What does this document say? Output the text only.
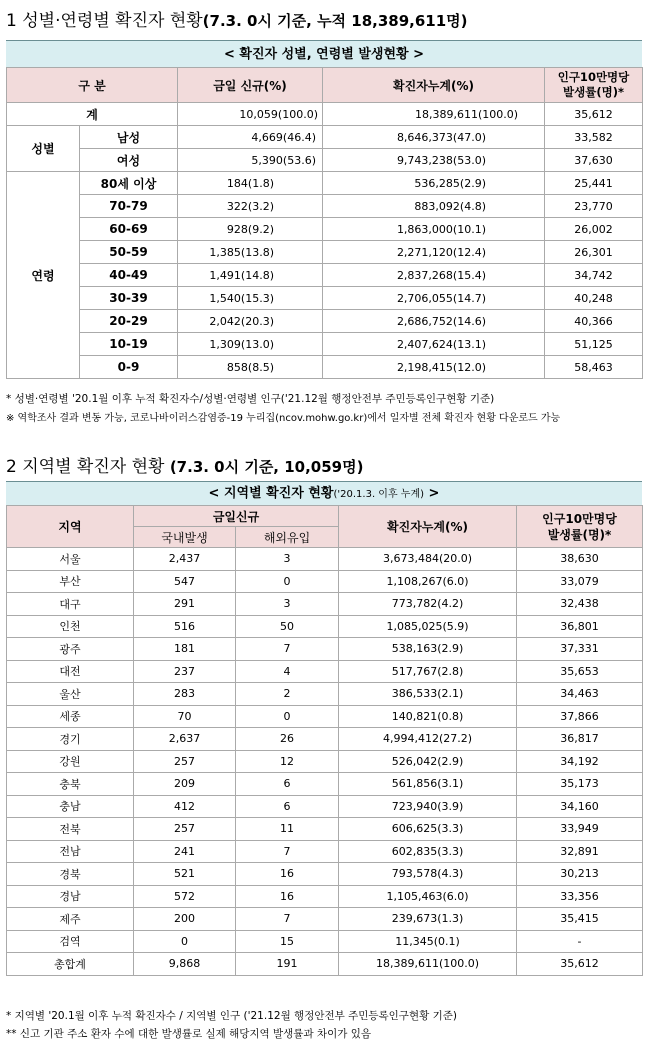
1 성별·연령별 확진자 현황(7.3. 0시 기준, 누적 18,389,611명)
< 확진자 성별, 연령별 발생현황 >
구 분		금일 신규(%)	확진자누계(%)	인구10만명당
발생률(명)*
계		10,059(100.0)	18,389,611(100.0)	35,612
성별	남성	4,669(46.4)	8,646,373(47.0)	33,582
	여성	5,390(53.6)	9,743,238(53.0)	37,630
연령	80세 이상	184(1.8)	536,285(2.9)	25,441
	70-79	322(3.2)	883,092(4.8)	23,770
	60-69	928(9.2)	1,863,000(10.1)	26,002
	50-59	1,385(13.8)	2,271,120(12.4)	26,301
	40-49	1,491(14.8)	2,837,268(15.4)	34,742
	30-39	1,540(15.3)	2,706,055(14.7)	40,248
	20-29	2,042(20.3)	2,686,752(14.6)	40,366
	10-19	1,309(13.0)	2,407,624(13.1)	51,125
	0-9	858(8.5)	2,198,415(12.0)	58,463
* 성별·연령별 '20.1월 이후 누적 확진자수/성별·연령별 인구('21.12월 행정안전부 주민등록인구현황 기준)
※ 역학조사 결과 변동 가능, 코로나바이러스감염증-19 누리집(ncov.mohw.go.kr)에서 일자별 전체 확진자 현황 다운로드 가능
2 지역별 확진자 현황 (7.3. 0시 기준, 10,059명)
< 지역별 확진자 현황('20.1.3. 이후 누계) >
지역	금일신규		확진자누계(%)	인구10만명당
발생률(명)*
	국내발생	해외유입		
서울	2,437	3	3,673,484(20.0)	38,630
부산	547	0	1,108,267(6.0)	33,079
대구	291	3	773,782(4.2)	32,438
인천	516	50	1,085,025(5.9)	36,801
광주	181	7	538,163(2.9)	37,331
대전	237	4	517,767(2.8)	35,653
울산	283	2	386,533(2.1)	34,463
세종	70	0	140,821(0.8)	37,866
경기	2,637	26	4,994,412(27.2)	36,817
강원	257	12	526,042(2.9)	34,192
충북	209	6	561,856(3.1)	35,173
충남	412	6	723,940(3.9)	34,160
전북	257	11	606,625(3.3)	33,949
전남	241	7	602,835(3.3)	32,891
경북	521	16	793,578(4.3)	30,213
경남	572	16	1,105,463(6.0)	33,356
제주	200	7	239,673(1.3)	35,415
검역	0	15	11,345(0.1)	-
총합계	9,868	191	18,389,611(100.0)	35,612
* 지역별 '20.1월 이후 누적 확진자수 / 지역별 인구 ('21.12월 행정안전부 주민등록인구현황 기준)
** 신고 기관 주소 환자 수에 대한 발생률로 실제 해당지역 발생률과 차이가 있음
